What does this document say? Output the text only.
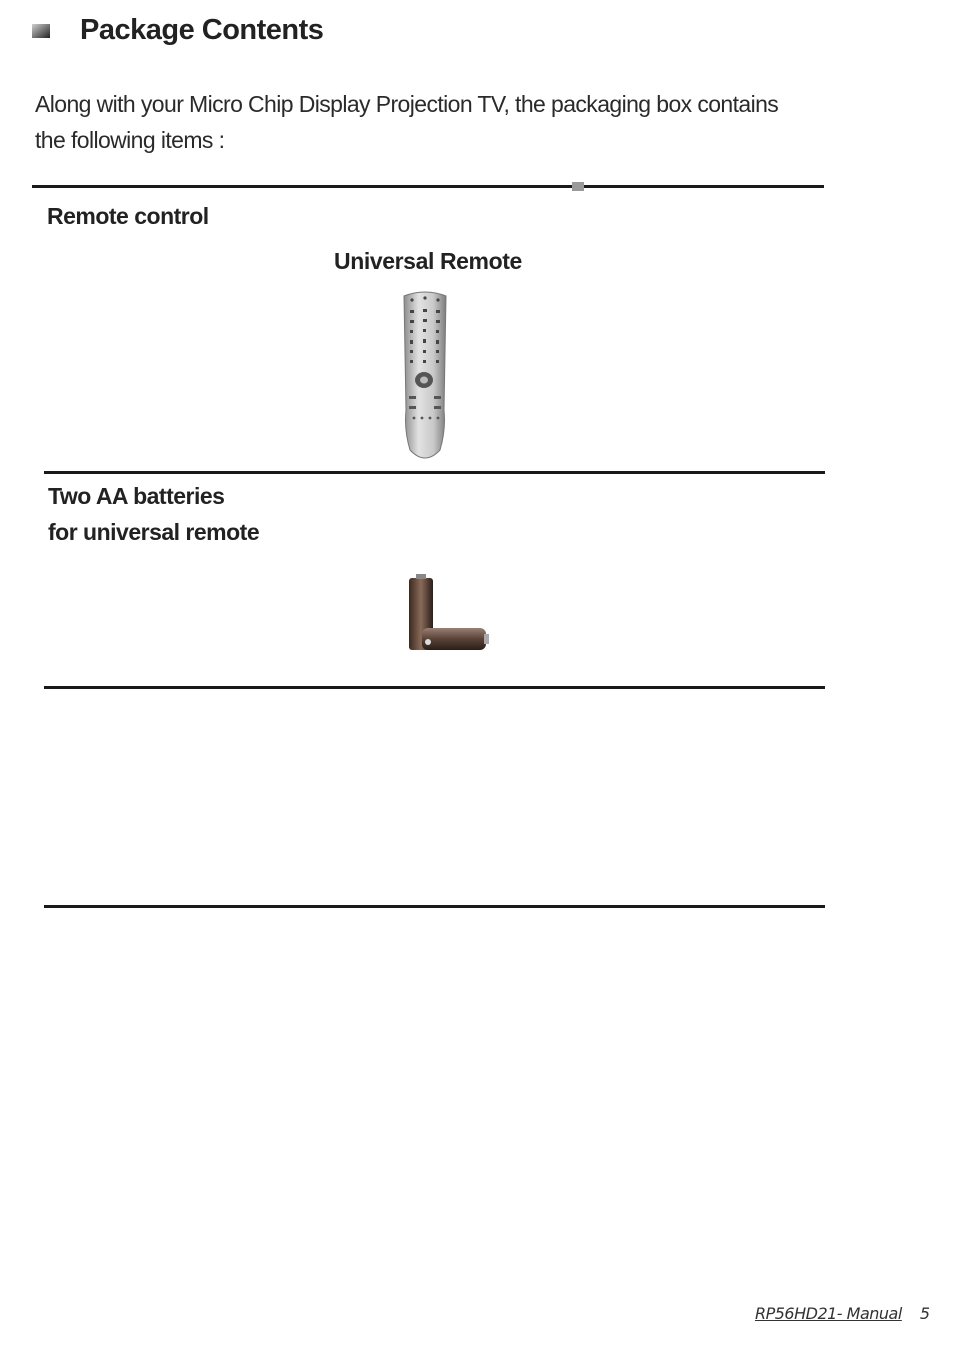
Package Contents
Along with your Micro Chip Display Projection TV, the packaging box contains the following items :
Remote control
Universal Remote
Two AA batteries
for universal remote
RP56HD21- Manual 5
